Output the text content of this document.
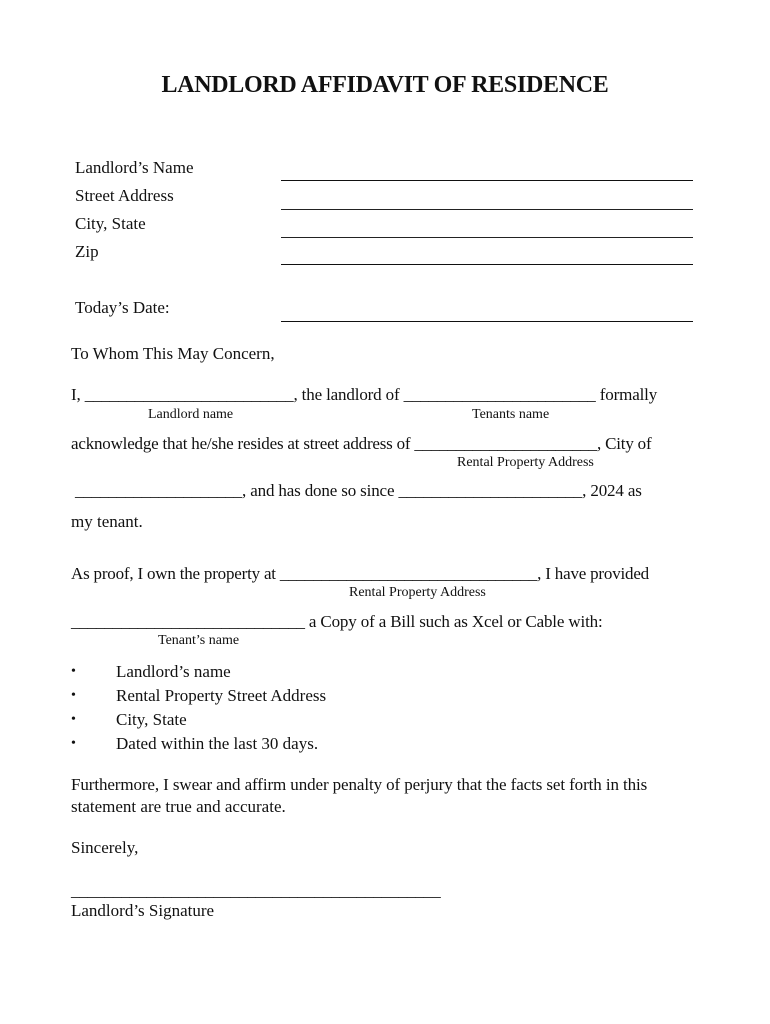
LANDLORD AFFIDAVIT OF RESIDENCE
Landlord’s Name
Street Address
City, State
Zip
Today’s Date:
To Whom This May Concern,
I, _________________________, the landlord of _______________________ formally
Landlord name	Tenants name
acknowledge that he/she resides at street address of ______________________, City of
Rental Property Address
____________________, and has done so since ______________________, 2024 as
my tenant.
As proof, I own the property at _______________________________, I have provided
Rental Property Address
____________________________ a Copy of a Bill such as Xcel or Cable with:
Tenant’s name
• Landlord’s name
• Rental Property Street Address
• City, State
• Dated within the last 30 days.
Furthermore, I swear and affirm under penalty of perjury that the facts set forth in this
statement are true and accurate.
Sincerely,
____________________________________________
Landlord’s Signature
